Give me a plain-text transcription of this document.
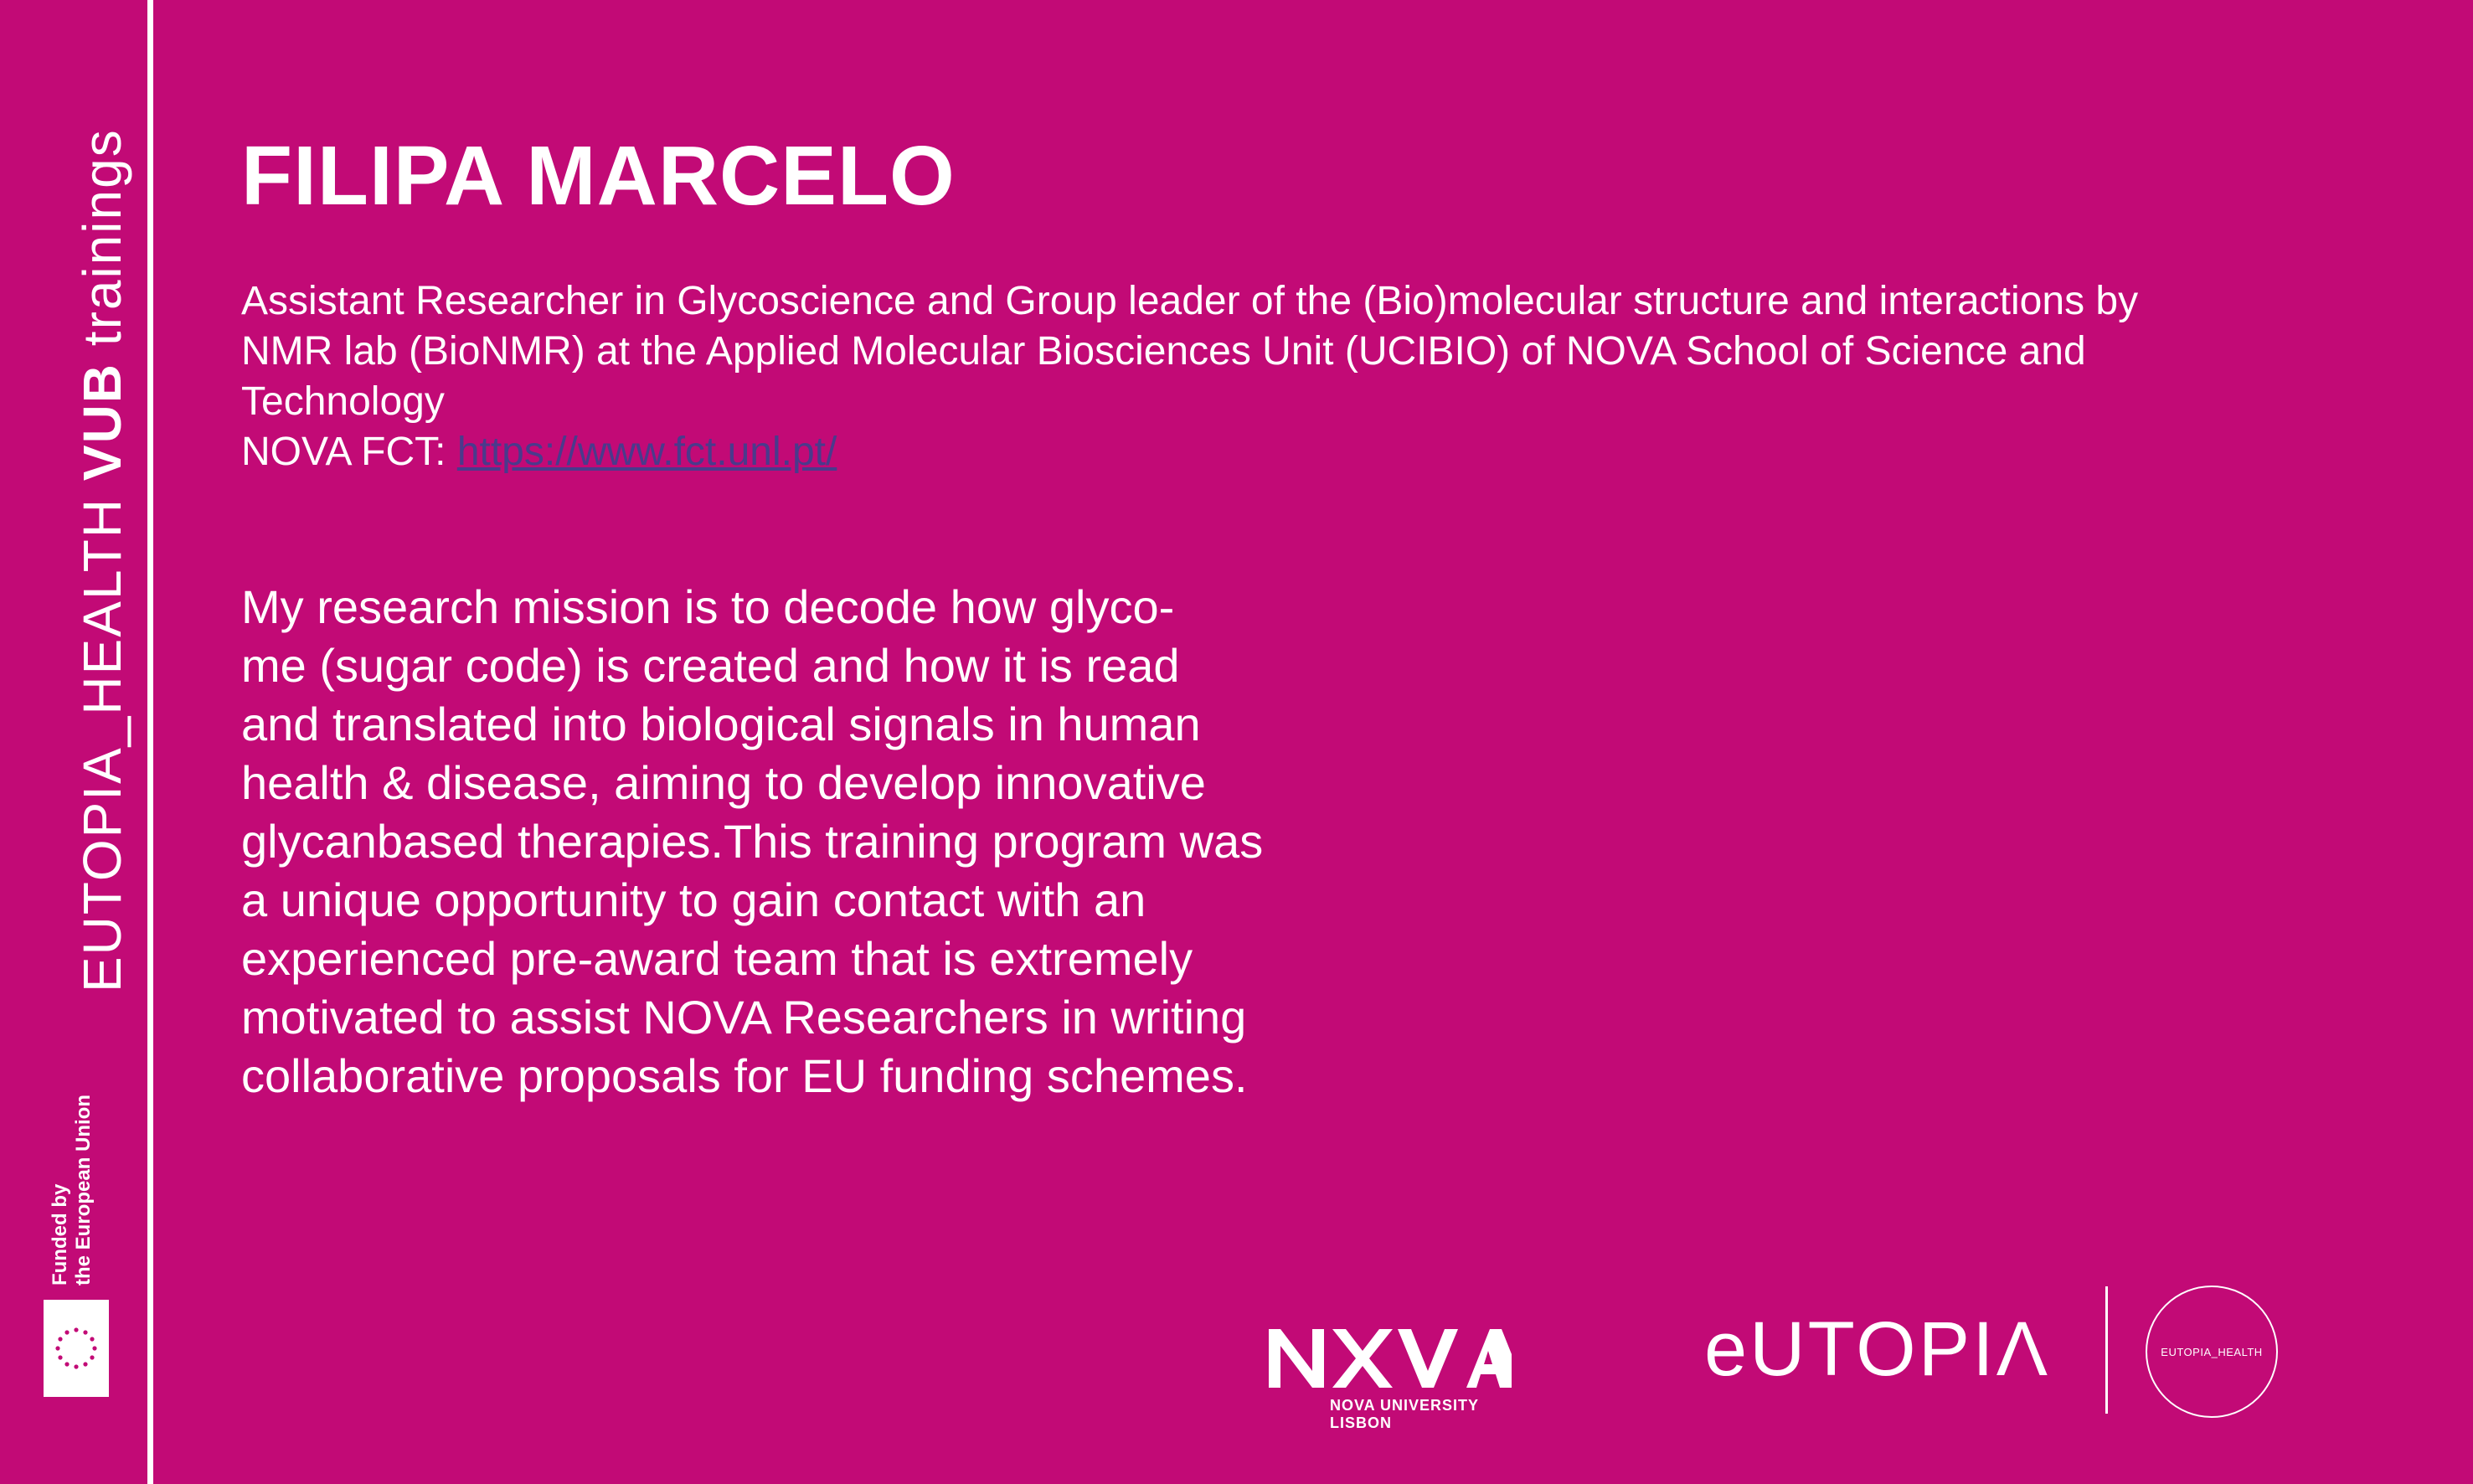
EUTOPIA_HEALTH VUB trainings
Funded by the European Union
FILIPA MARCELO

Assistant Researcher in Glycoscience and Group leader of the (Bio)molecular structure and interactions by NMR lab (BioNMR) at the Applied Molecular Biosciences Unit (UCIBIO) of NOVA School of Science and Technology

NOVA FCT: https://www.fct.unl.pt/

My research mission is to decode how glyco-
me (sugar code) is created and how it is read
and translated into biological signals in human
health & disease, aiming to develop innovative
glycanbased therapies.This training program was
a unique opportunity to gain contact with an
experienced pre-award team that is extremely
motivated to assist NOVA Researchers in writing
collaborative proposals for EU funding schemes.
NOVA UNIVERSITY
LISBON
eUTOPIΛ	EUTOPIA_HEALTH
